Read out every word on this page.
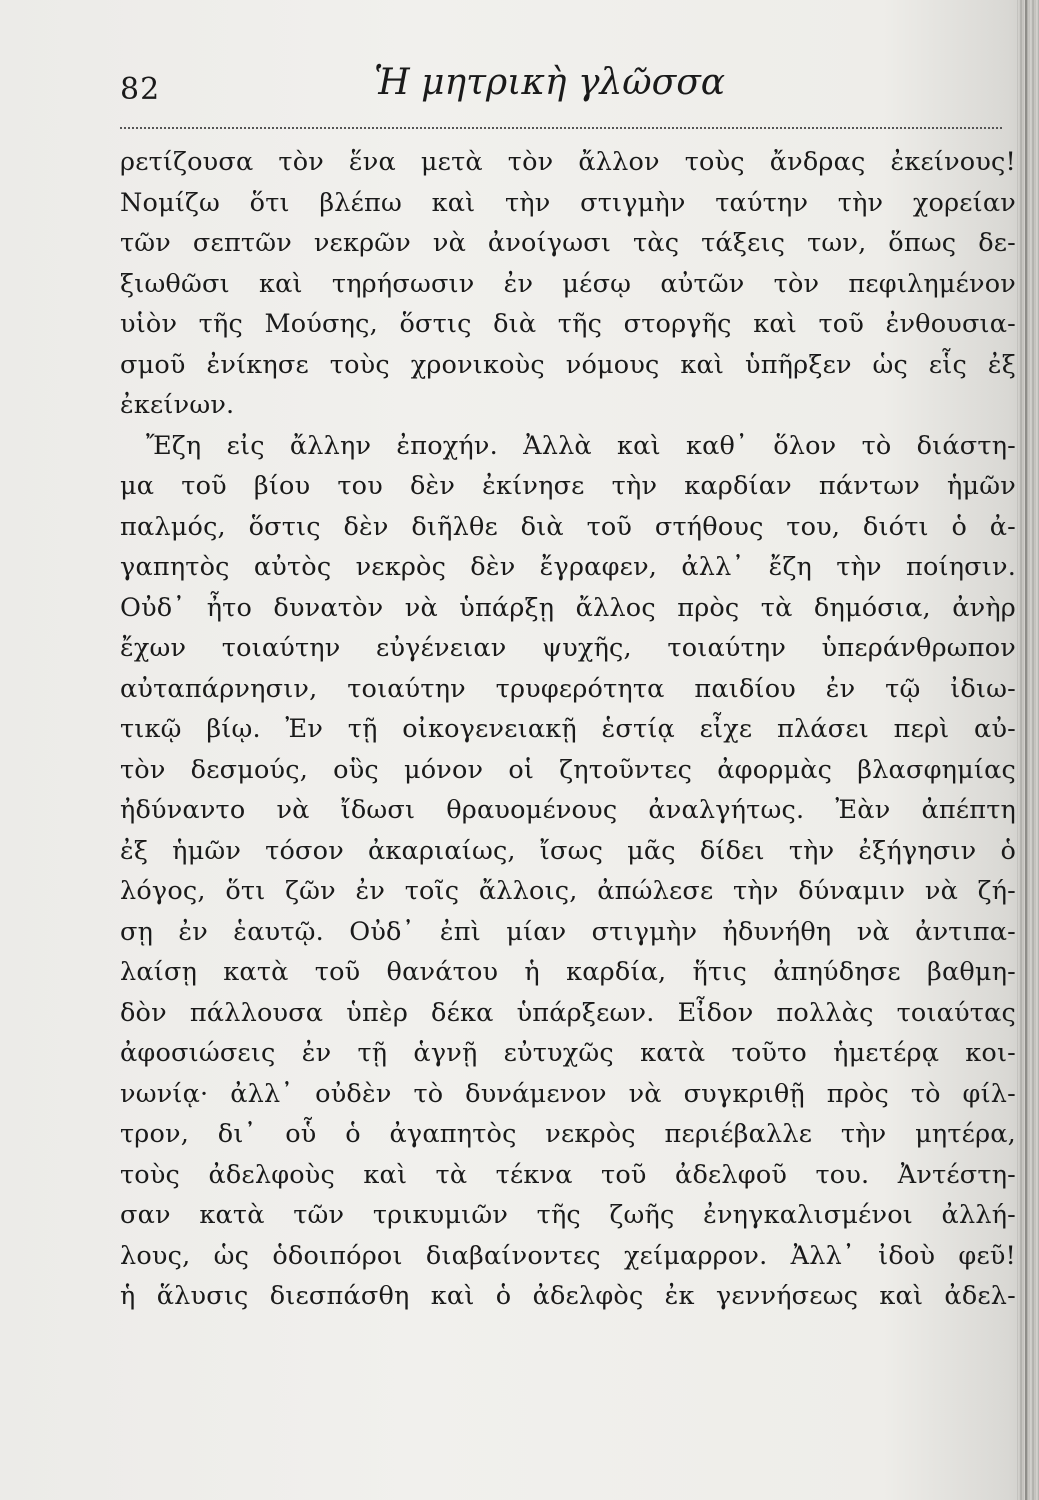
82	Ἡ μητρικὴ γλῶσσα
ρετίζουσα τὸν ἕνα μετὰ τὸν ἄλλον τοὺς ἄνδρας ἐκείνους!
Νομίζω ὅτι βλέπω καὶ τὴν στιγμὴν ταύτην τὴν χορείαν
τῶν σεπτῶν νεκρῶν νὰ ἀνοίγωσι τὰς τάξεις των, ὅπως δε-
ξιωθῶσι καὶ τηρήσωσιν ἐν μέσῳ αὐτῶν τὸν πεφιλημένον
υἱὸν τῆς Μούσης, ὅστις διὰ τῆς στοργῆς καὶ τοῦ ἐνθουσια-
σμοῦ ἐνίκησε τοὺς χρονικοὺς νόμους καὶ ὑπῆρξεν ὡς εἷς ἐξ
ἐκείνων.
Ἔζη εἰς ἄλλην ἐποχήν. Ἀλλὰ καὶ καθ᾽ ὅλον τὸ διάστη-
μα τοῦ βίου του δὲν ἐκίνησε τὴν καρδίαν πάντων ἡμῶν
παλμός, ὅστις δὲν διῆλθε διὰ τοῦ στήθους του, διότι ὁ ἀ-
γαπητὸς αὐτὸς νεκρὸς δὲν ἔγραφεν, ἀλλ᾽ ἔζη τὴν ποίησιν.
Οὐδ᾽ ἦτο δυνατὸν νὰ ὑπάρξῃ ἄλλος πρὸς τὰ δημόσια, ἀνὴρ
ἔχων τοιαύτην εὐγένειαν ψυχῆς, τοιαύτην ὑπεράνθρωπον
αὐταπάρνησιν, τοιαύτην τρυφερότητα παιδίου ἐν τῷ ἰδιω-
τικῷ βίῳ. Ἐν τῇ οἰκογενειακῇ ἑστίᾳ εἶχε πλάσει περὶ αὐ-
τὸν δεσμούς, οὓς μόνον οἱ ζητοῦντες ἀφορμὰς βλασφημίας
ἠδύναντο νὰ ἴδωσι θραυομένους ἀναλγήτως. Ἐὰν ἀπέπτη
ἐξ ἡμῶν τόσον ἀκαριαίως, ἴσως μᾶς δίδει τὴν ἐξήγησιν ὁ
λόγος, ὅτι ζῶν ἐν τοῖς ἄλλοις, ἀπώλεσε τὴν δύναμιν νὰ ζή-
σῃ ἐν ἑαυτῷ. Οὐδ᾽ ἐπὶ μίαν στιγμὴν ἠδυνήθη νὰ ἀντιπα-
λαίσῃ κατὰ τοῦ θανάτου ἡ καρδία, ἥτις ἀπηύδησε βαθμη-
δὸν πάλλουσα ὑπὲρ δέκα ὑπάρξεων. Εἶδον πολλὰς τοιαύτας
ἀφοσιώσεις ἐν τῇ ἁγνῇ εὐτυχῶς κατὰ τοῦτο ἡμετέρᾳ κοι-
νωνίᾳ· ἀλλ᾽ οὐδὲν τὸ δυνάμενον νὰ συγκριθῇ πρὸς τὸ φίλ-
τρον, δι᾽ οὗ ὁ ἀγαπητὸς νεκρὸς περιέβαλλε τὴν μητέρα,
τοὺς ἀδελφοὺς καὶ τὰ τέκνα τοῦ ἀδελφοῦ του. Ἀντέστη-
σαν κατὰ τῶν τρικυμιῶν τῆς ζωῆς ἐνηγκαλισμένοι ἀλλή-
λους, ὡς ὁδοιπόροι διαβαίνοντες χείμαρρον. Ἀλλ᾽ ἰδοὺ φεῦ!
ἡ ἅλυσις διεσπάσθη καὶ ὁ ἀδελφὸς ἐκ γεννήσεως καὶ ἀδελ-
